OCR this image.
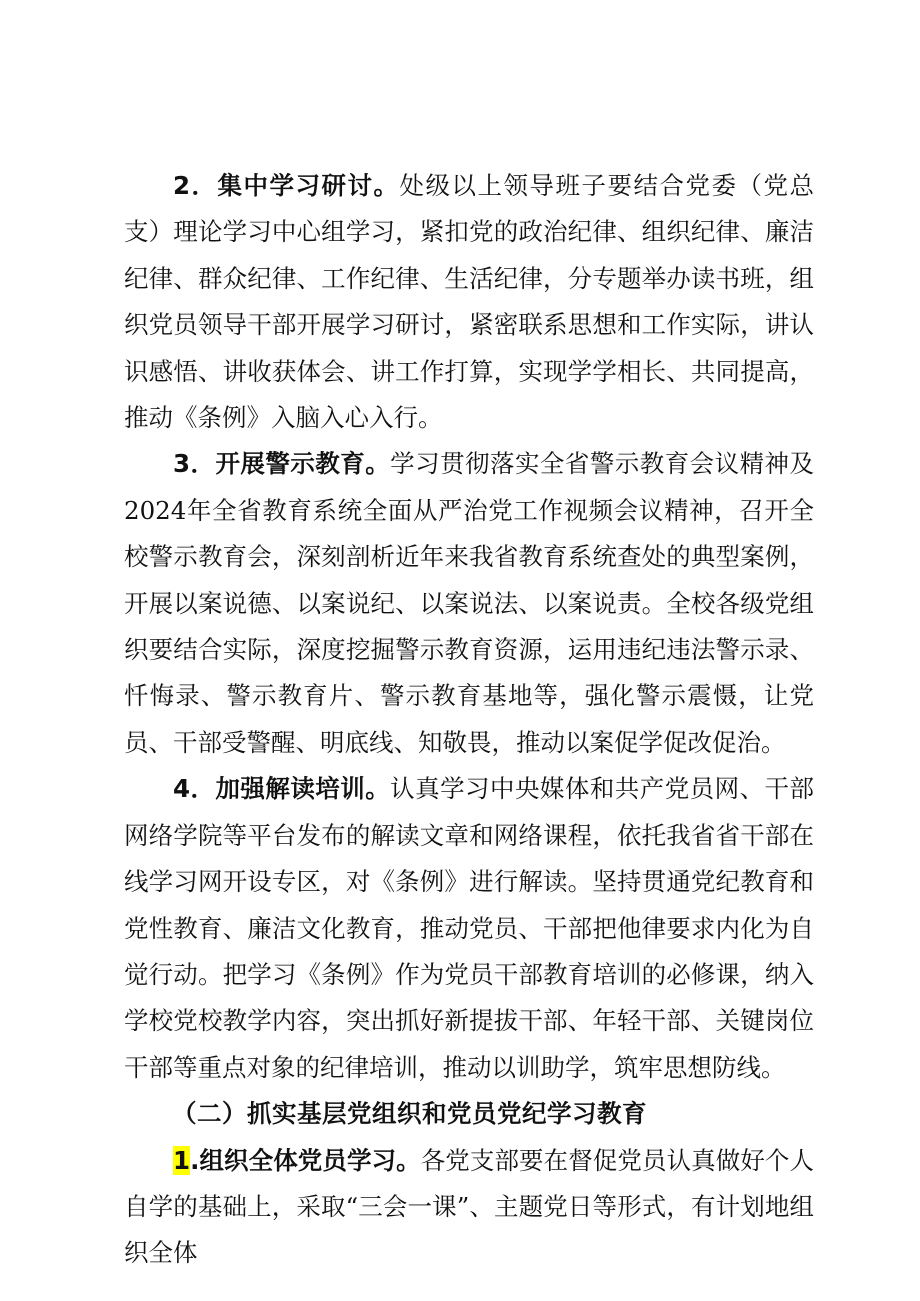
2．集中学习研讨。处级以上领导班子要结合党委（党总支）理论学习中心组学习，紧扣党的政治纪律、组织纪律、廉洁纪律、群众纪律、工作纪律、生活纪律，分专题举办读书班，组织党员领导干部开展学习研讨，紧密联系思想和工作实际，讲认识感悟、讲收获体会、讲工作打算，实现学学相长、共同提高，推动《条例》入脑入心入行。

3．开展警示教育。学习贯彻落实全省警示教育会议精神及2024年全省教育系统全面从严治党工作视频会议精神，召开全校警示教育会，深刻剖析近年来我省教育系统查处的典型案例，开展以案说德、以案说纪、以案说法、以案说责。全校各级党组织要结合实际，深度挖掘警示教育资源，运用违纪违法警示录、忏悔录、警示教育片、警示教育基地等，强化警示震慑，让党员、干部受警醒、明底线、知敬畏，推动以案促学促改促治。

4．加强解读培训。认真学习中央媒体和共产党员网、干部网络学院等平台发布的解读文章和网络课程，依托我省省干部在线学习网开设专区，对《条例》进行解读。坚持贯通党纪教育和党性教育、廉洁文化教育，推动党员、干部把他律要求内化为自觉行动。把学习《条例》作为党员干部教育培训的必修课，纳入学校党校教学内容，突出抓好新提拔干部、年轻干部、关键岗位干部等重点对象的纪律培训，推动以训助学，筑牢思想防线。

（二）抓实基层党组织和党员党纪学习教育

1.组织全体党员学习。各党支部要在督促党员认真做好个人自学的基础上，采取“三会一课”、主题党日等形式，有计划地组织全体
